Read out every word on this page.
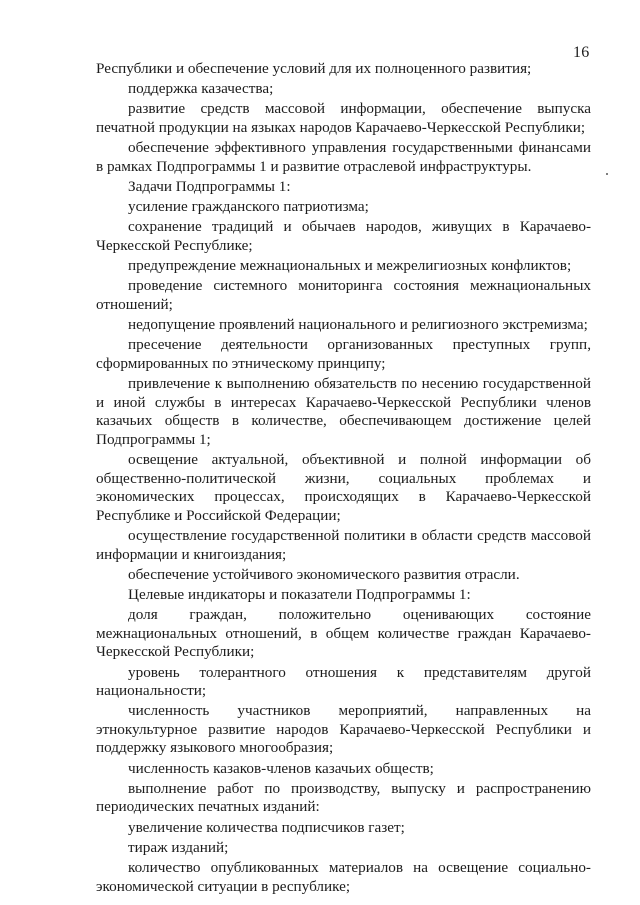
16

Республики и обеспечение условий для их полноценного развития;

поддержка казачества;

развитие средств массовой информации, обеспечение выпуска печатной продукции на языках народов Карачаево-Черкесской Республики;

обеспечение эффективного управления государственными финансами в рамках Подпрограммы 1 и развитие отраслевой инфраструктуры.

Задачи Подпрограммы 1:

усиление гражданского патриотизма;

сохранение традиций и обычаев народов, живущих в Карачаево-Черкесской Республике;

предупреждение межнациональных и межрелигиозных конфликтов;

проведение системного мониторинга состояния межнациональных отношений;

недопущение проявлений национального и религиозного экстремизма;

пресечение деятельности организованных преступных групп, сформированных по этническому принципу;

привлечение к выполнению обязательств по несению государственной и иной службы в интересах Карачаево-Черкесской Республики членов казачьих обществ в количестве, обеспечивающем достижение целей Подпрограммы 1;

освещение актуальной, объективной и полной информации об общественно-политической жизни, социальных проблемах и экономических процессах, происходящих в Карачаево-Черкесской Республике и Российской Федерации;

осуществление государственной политики в области средств массовой информации и книгоиздания;

обеспечение устойчивого экономического развития отрасли.

Целевые индикаторы и показатели Подпрограммы 1:

доля граждан, положительно оценивающих состояние межнациональных отношений, в общем количестве граждан Карачаево-Черкесской Республики;

уровень толерантного отношения к представителям другой национальности;

численность участников мероприятий, направленных на этнокультурное развитие народов Карачаево-Черкесской Республики и поддержку языкового многообразия;

численность казаков-членов казачьих обществ;

выполнение работ по производству, выпуску и распространению периодических печатных изданий:

увеличение количества подписчиков газет;

тираж изданий;

количество опубликованных материалов на освещение социально-экономической ситуации в республике;
